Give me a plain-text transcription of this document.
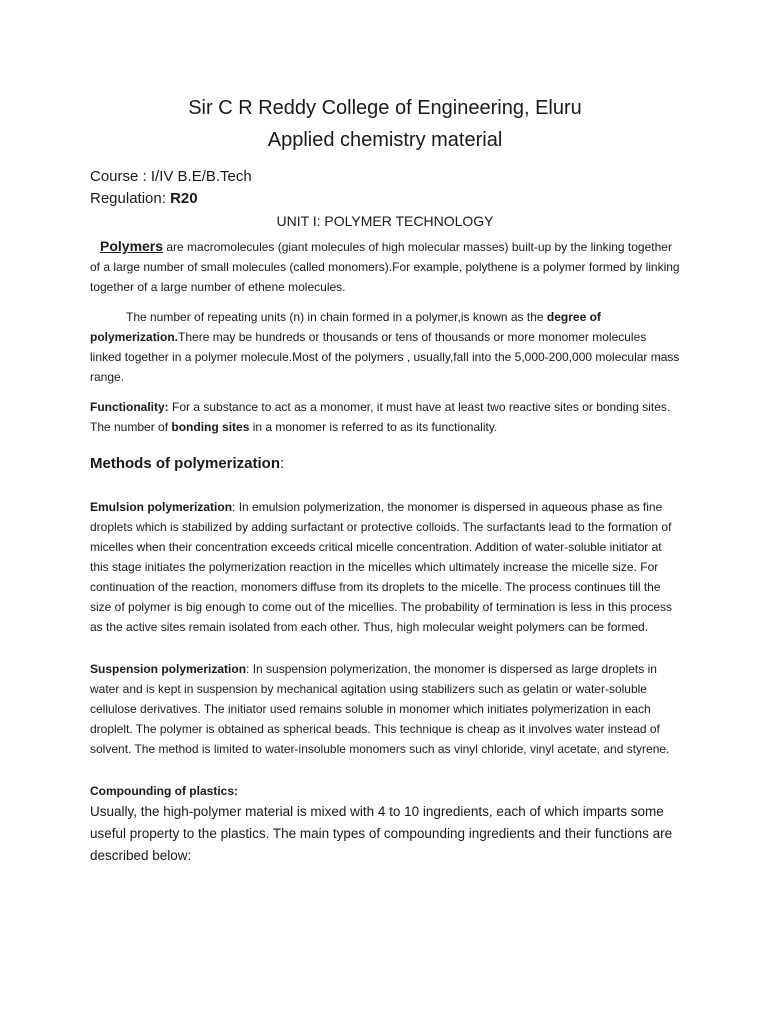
Sir C R Reddy College of Engineering, Eluru
Applied chemistry material

Course : I/IV B.E/B.Tech

Regulation: R20

UNIT I: POLYMER TECHNOLOGY

Polymers are macromolecules (giant molecules of high molecular masses) built-up by the linking together of a large number of small molecules (called monomers).For example, polythene is a polymer formed by linking together of a large number of ethene molecules.

The number of repeating units (n) in chain formed in a polymer,is known as the degree of polymerization.There may be hundreds or thousands or tens of thousands or more monomer molecules linked together in a polymer molecule.Most of the polymers , usually,fall into the 5,000-200,000 molecular mass range.

Functionality: For a substance to act as a monomer, it must have at least two reactive sites or bonding sites. The number of bonding sites in a monomer is referred to as its functionality.

Methods of polymerization:

Emulsion polymerization: In emulsion polymerization, the monomer is dispersed in aqueous phase as fine droplets which is stabilized by adding surfactant or protective colloids. The surfactants lead to the formation of micelles when their concentration exceeds critical micelle concentration. Addition of water-soluble initiator at this stage initiates the polymerization reaction in the micelles which ultimately increase the micelle size. For continuation of the reaction, monomers diffuse from its droplets to the micelle. The process continues till the size of polymer is big enough to come out of the micellies. The probability of termination is less in this process as the active sites remain isolated from each other. Thus, high molecular weight polymers can be formed.

Suspension polymerization: In suspension polymerization, the monomer is dispersed as large droplets in water and is kept in suspension by mechanical agitation using stabilizers such as gelatin or water-soluble cellulose derivatives. The initiator used remains soluble in monomer which initiates polymerization in each droplelt. The polymer is obtained as spherical beads. This technique is cheap as it involves water instead of solvent. The method is limited to water-insoluble monomers such as vinyl chloride, vinyl acetate, and styrene.

Compounding of plastics:

Usually, the high-polymer material is mixed with 4 to 10 ingredients, each of which imparts some useful property to the plastics. The main types of compounding ingredients and their functions are described below:
